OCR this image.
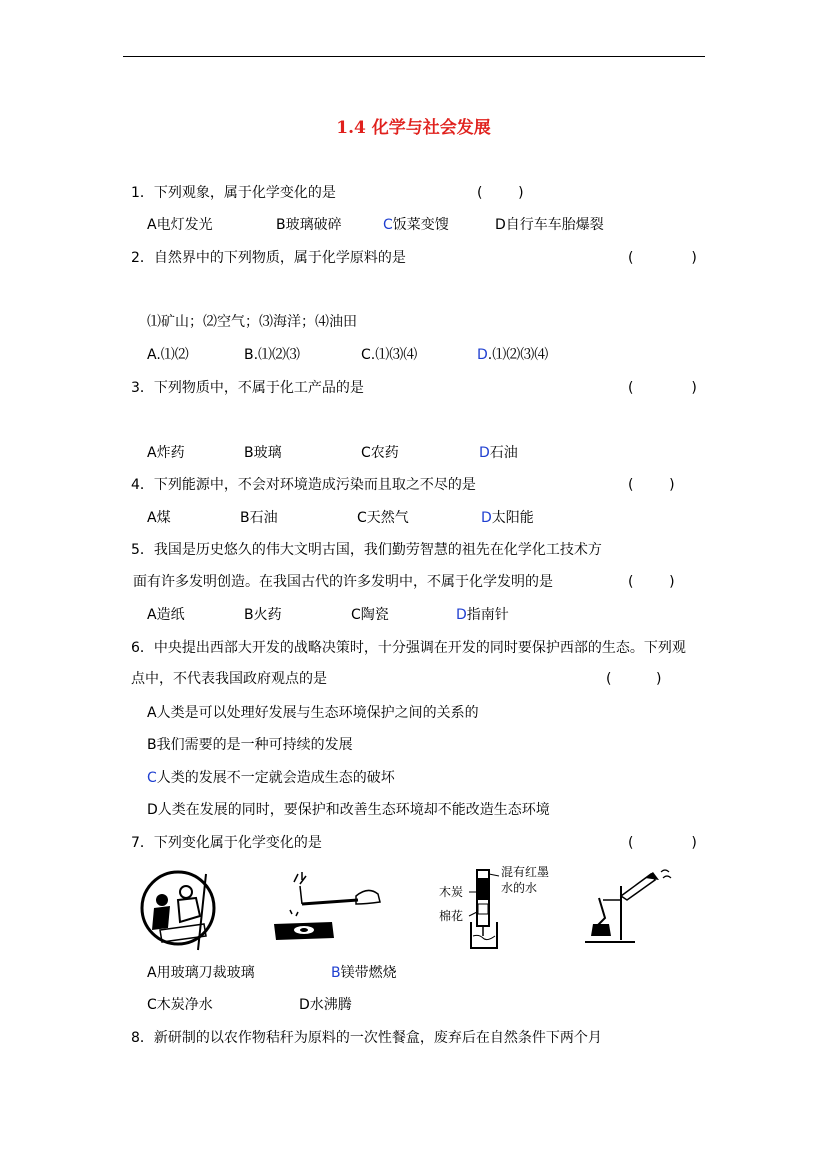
1.4 化学与社会发展
1．下列观象，属于化学变化的是	(        )
A电灯发光	B玻璃破碎	C饭菜变馊	D自行车车胎爆裂
2．自然界中的下列物质，属于化学原料的是	(             )
⑴矿山；⑵空气；⑶海洋；⑷油田
A.⑴⑵	B.⑴⑵⑶	C.⑴⑶⑷	D.⑴⑵⑶⑷
3．下列物质中，不属于化工产品的是	(             )
A炸药	B玻璃	C农药	D石油
4．下列能源中，不会对环境造成污染而且取之不尽的是	(        )
A煤	B石油	C天然气	D太阳能
5．我国是历史悠久的伟大文明古国，我们勤劳智慧的祖先在化学化工技术方
面有许多发明创造。在我国古代的许多发明中，不属于化学发明的是	(        )
A造纸	B火药	C陶瓷	D指南针
6．中央提出西部大开发的战略决策时，十分强调在开发的同时要保护西部的生态。下列观
点中，不代表我国政府观点的是	(          )
A人类是可以处理好发展与生态环境保护之间的关系的
B我们需要的是一种可持续的发展
C人类的发展不一定就会造成生态的破坏
D人类在发展的同时，要保护和改善生态环境却不能改造生态环境
7．下列变化属于化学变化的是	(             )
木炭
棉花
混有红墨
水的水
A用玻璃刀裁玻璃	B镁带燃烧
C木炭净水	D水沸腾
8．新研制的以农作物秸秆为原料的一次性餐盒，废弃后在自然条件下两个月
